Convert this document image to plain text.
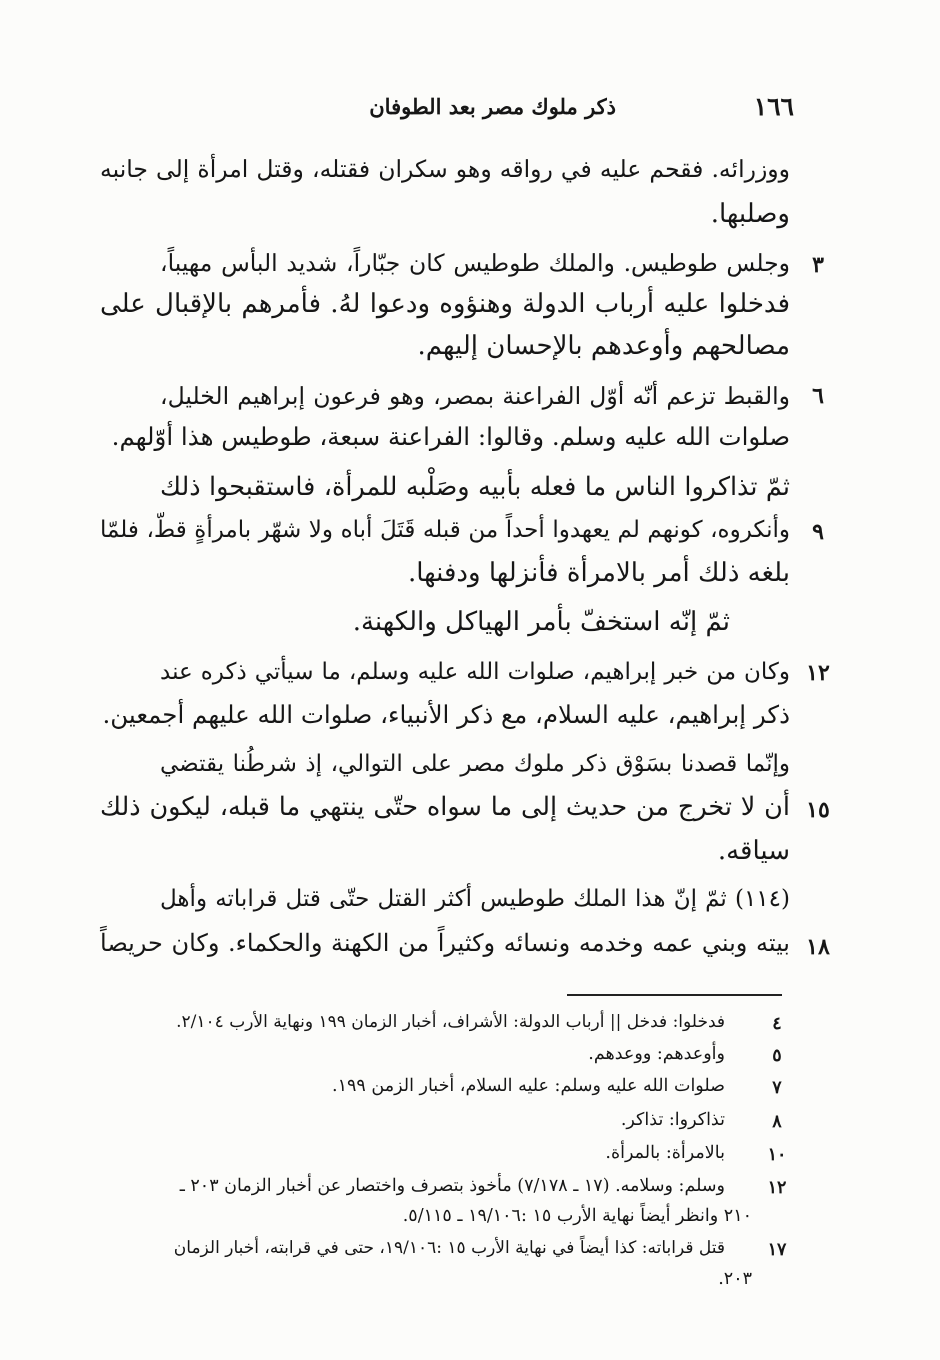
١٦٦
ذكر ملوك مصر بعد الطوفان
ووزرائه. فقحم عليه في رواقه وهو سكران فقتله، وقتل امرأة إلى جانبه
وصلبها.
وجلس طوطيس. والملك طوطيس كان جبّاراً، شديد البأس مهيباً،
فدخلوا عليه أرباب الدولة وهنؤوه ودعوا لهُ. فأمرهم بالإقبال على
مصالحهم وأوعدهم بالإحسان إليهم.
والقبط تزعم أنّه أوّل الفراعنة بمصر، وهو فرعون إبراهيم الخليل،
صلوات الله عليه وسلم. وقالوا: الفراعنة سبعة، طوطيس هذا أوّلهم.
ثمّ تذاكروا الناس ما فعله بأبيه وصَلْبه للمرأة، فاستقبحوا ذلك
وأنكروه، كونهم لم يعهدوا أحداً من قبله قَتَلَ أباه ولا شهّر بامرأةٍ قطّ، فلمّا
بلغه ذلك أمر بالامرأة فأنزلها ودفنها.
ثمّ إنّه استخفّ بأمر الهياكل والكهنة.
وكان من خبر إبراهيم، صلوات الله عليه وسلم، ما سيأتي ذكره عند
ذكر إبراهيم، عليه السلام، مع ذكر الأنبياء، صلوات الله عليهم أجمعين.
وإنّما قصدنا بسَوْق ذكر ملوك مصر على التوالي، إذ شرطُنا يقتضي
أن لا تخرج من حديث إلى ما سواه حتّى ينتهي ما قبله، ليكون ذلك
سياقه.
(١١٤) ثمّ إنّ هذا الملك طوطيس أكثر القتل حتّى قتل قراباته وأهل
بيته وبني عمه وخدمه ونسائه وكثيراً من الكهنة والحكماء. وكان حريصاً
٣
٦
٩
١٢
١٥
١٨
٤
فدخلوا: فدخل || أرباب الدولة: الأشراف، أخبار الزمان ١٩٩ ونهاية الأرب ٢/١٠٤.
٥
وأوعدهم: ووعدهم.
٧
صلوات الله عليه وسلم: عليه السلام، أخبار الزمن ١٩٩.
٨
تذاكروا: تذاكر.
١٠
بالامرأة: بالمرأة.
١٢
وسلم: وسلامه. (١٧ ـ ٧/١٧٨) مأخوذ بتصرف واختصار عن أخبار الزمان ٢٠٣ ـ
٢١٠ وانظر أيضاً نهاية الأرب ١٥ :١٩/١٠٦ ـ ٥/١١٥.
١٧
قتل قراباته: كذا أيضاً في نهاية الأرب ١٥ :١٩/١٠٦، حتى في قرابته، أخبار الزمان
٢٠٣.
